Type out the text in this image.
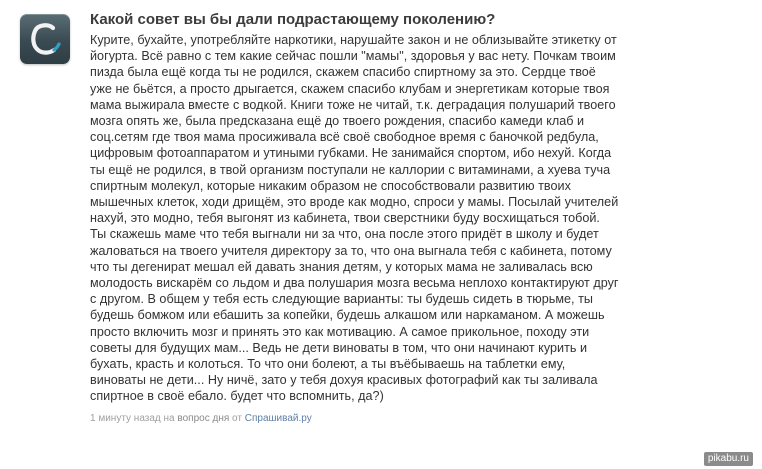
Какой совет вы бы дали подрастающему поколению?
Курите, бухайте, употребляйте наркотики, нарушайте закон и не облизывайте этикетку от
йогурта. Всё равно с тем какие сейчас пошли "мамы", здоровья у вас нету. Почкам твоим
пизда была ещё когда ты не родился, скажем спасибо спиртному за это. Сердце твоё
уже не бьётся, а просто дрыгается, скажем спасибо клубам и энергетикам которые твоя
мама выжирала вместе с водкой. Книги тоже не читай, т.к. деградация полушарий твоего
мозга опять же, была предсказана ещё до твоего рождения, спасибо камеди клаб и
соц.сетям где твоя мама просиживала всё своё свободное время с баночкой редбула,
цифровым фотоаппаратом и утиными губками. Не занимайся спортом, ибо нехуй. Когда
ты ещё не родился, в твой организм поступали не каллории с витаминами, а хуева туча
спиртным молекул, которые никаким образом не способствовали развитию твоих
мышечных клеток, ходи дрищём, это вроде как модно, спроси у мамы. Посылай учителей
нахуй, это модно, тебя выгонят из кабинета, твои сверстники буду восхищаться тобой.
Ты скажешь маме что тебя выгнали ни за что, она после этого придёт в школу и будет
жаловаться на твоего учителя директору за то, что она выгнала тебя с кабинета, потому
что ты дегенират мешал ей давать знания детям, у которых мама не заливалась всю
молодость вискарём со льдом и два полушария мозга весьма неплохо контактируют друг
с другом. В общем у тебя есть следующие варианты: ты будешь сидеть в тюрьме, ты
будешь бомжом или ебашить за копейки, будешь алкашом или наркаманом. А можешь
просто включить мозг и принять это как мотивацию. А самое прикольное, походу эти
советы для будущих мам... Ведь не дети виноваты в том, что они начинают курить и
бухать, красть и колоться. То что они болеют, а ты въёбываешь на таблетки ему,
виноваты не дети... Ну ничё, зато у тебя дохуя красивых фотографий как ты заливала
спиртное в своё ебало. будет что вспомнить, да?)
1 минуту назад на вопрос дня от Спрашивай.ру
pikabu.ru
